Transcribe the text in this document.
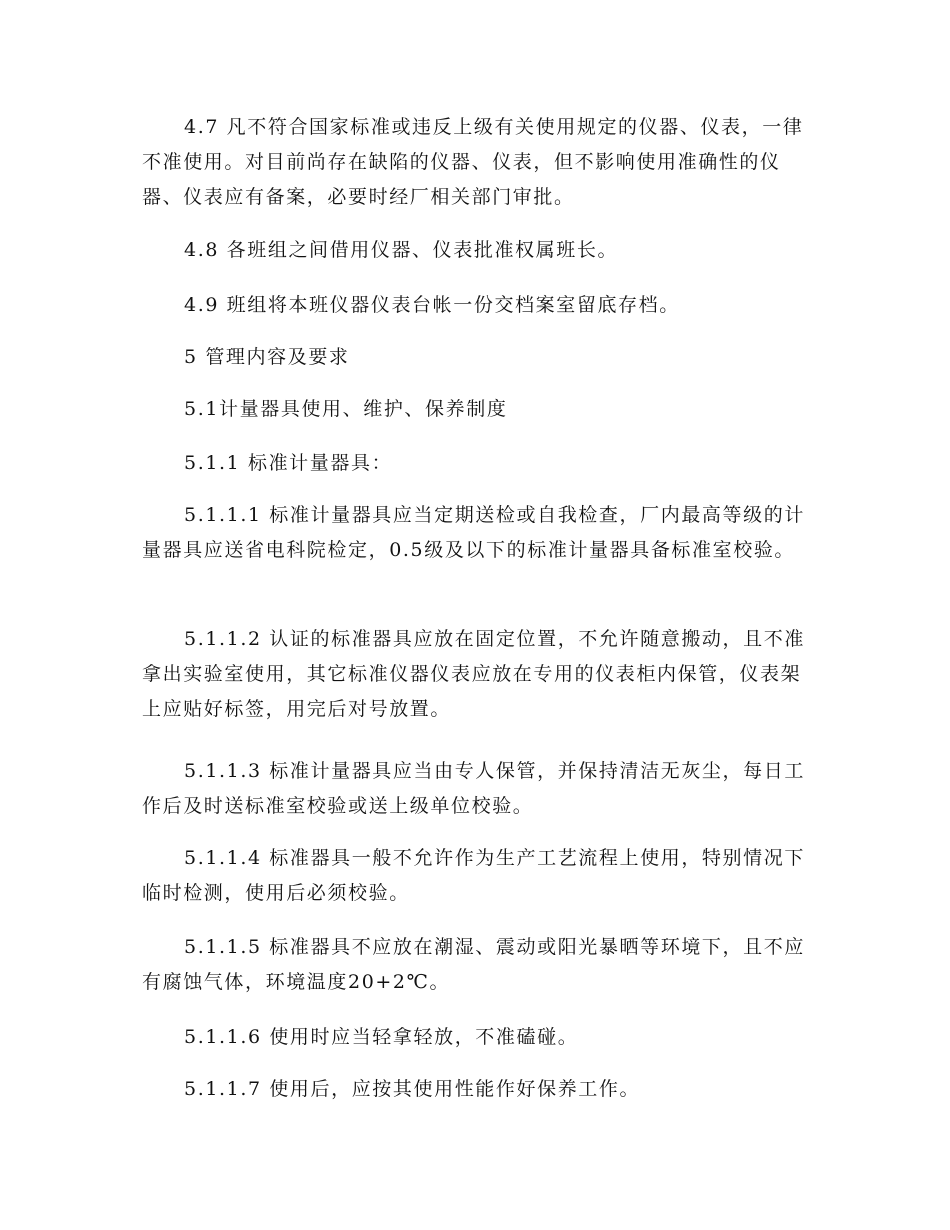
4.7 凡不符合国家标准或违反上级有关使用规定的仪器、仪表，一律不准使用。对目前尚存在缺陷的仪器、仪表，但不影响使用准确性的仪器、仪表应有备案，必要时经厂相关部门审批。

4.8 各班组之间借用仪器、仪表批准权属班长。

4.9 班组将本班仪器仪表台帐一份交档案室留底存档。

5 管理内容及要求

5.1计量器具使用、维护、保养制度

5.1.1 标准计量器具：

5.1.1.1 标准计量器具应当定期送检或自我检查，厂内最高等级的计量器具应送省电科院检定，0.5级及以下的标准计量器具备标准室校验。

5.1.1.2 认证的标准器具应放在固定位置，不允许随意搬动，且不准拿出实验室使用，其它标准仪器仪表应放在专用的仪表柜内保管，仪表架上应贴好标签，用完后对号放置。

5.1.1.3 标准计量器具应当由专人保管，并保持清洁无灰尘，每日工作后及时送标准室校验或送上级单位校验。

5.1.1.4 标准器具一般不允许作为生产工艺流程上使用，特别情况下临时检测，使用后必须校验。

5.1.1.5 标准器具不应放在潮湿、震动或阳光暴晒等环境下，且不应有腐蚀气体，环境温度20+2℃。

5.1.1.6 使用时应当轻拿轻放，不准磕碰。

5.1.1.7 使用后，应按其使用性能作好保养工作。
